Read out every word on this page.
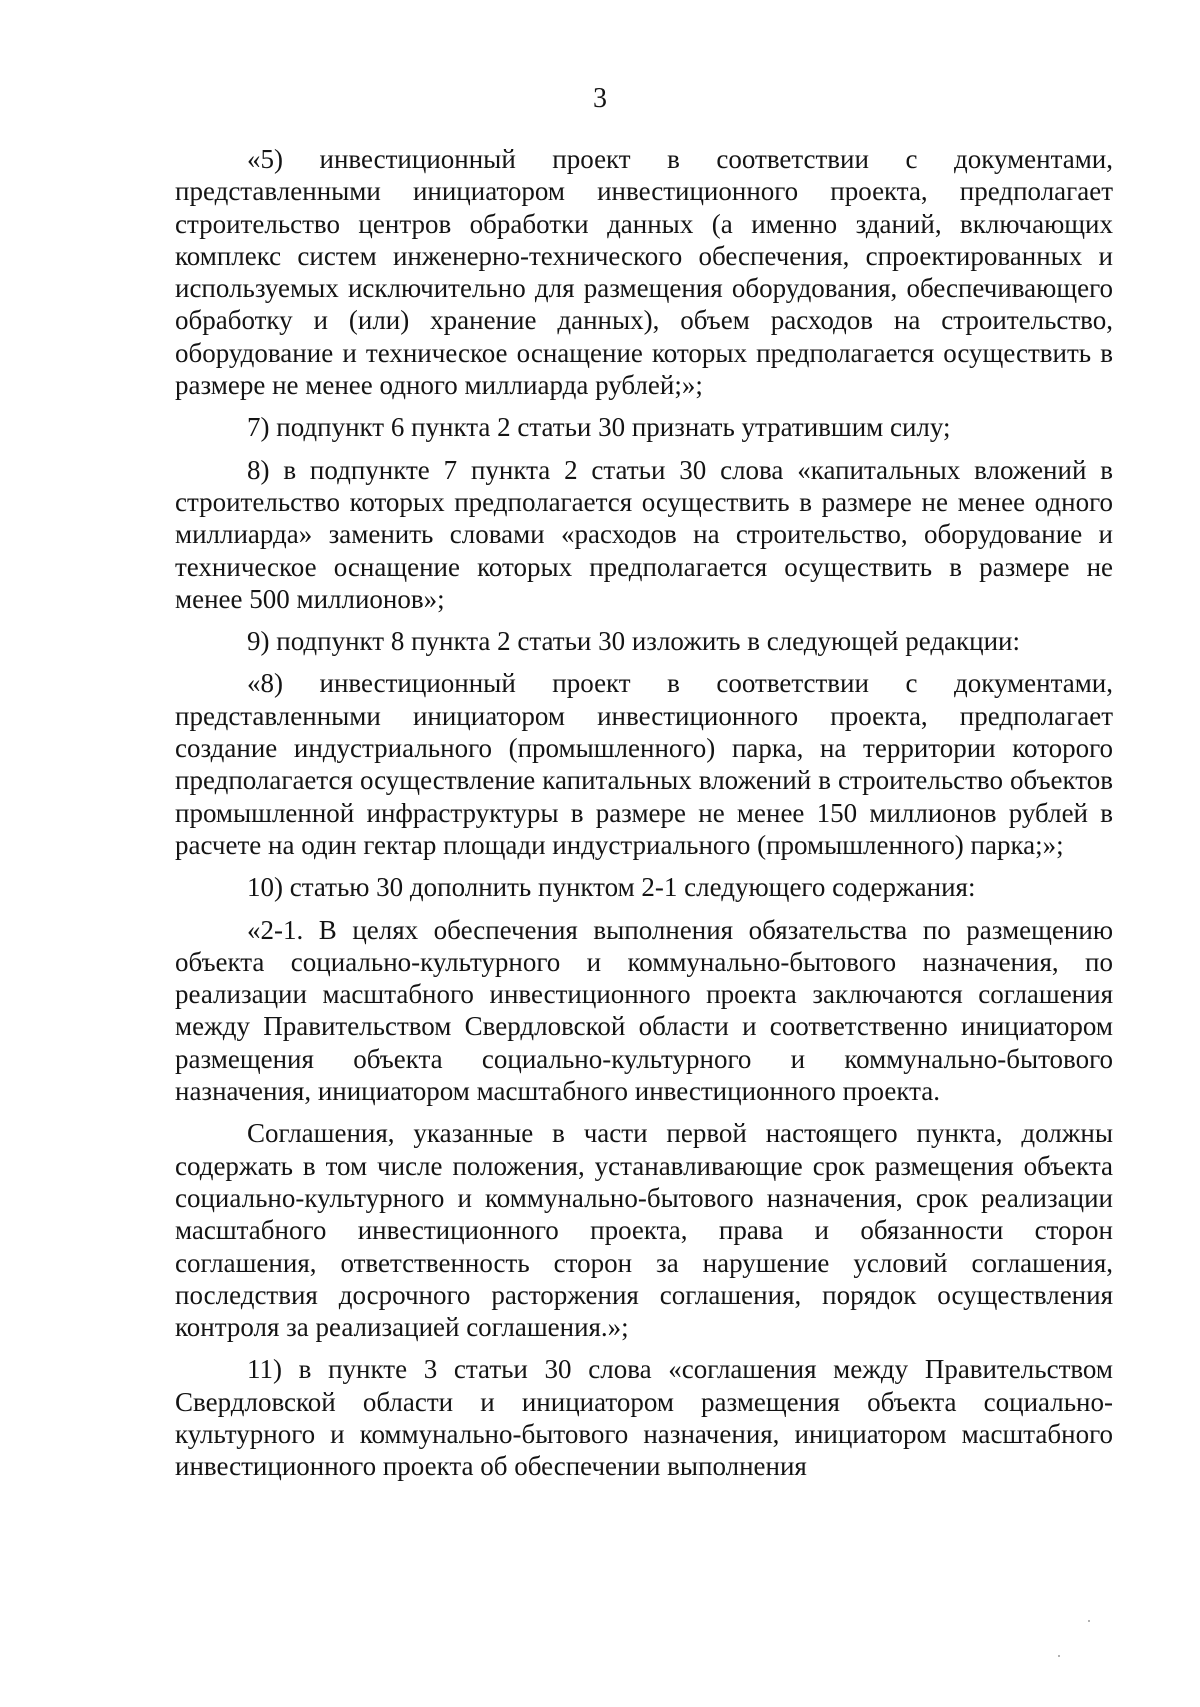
3

«5) инвестиционный проект в соответствии с документами, представленными инициатором инвестиционного проекта, предполагает строительство центров обработки данных (а именно зданий, включающих комплекс систем инженерно-технического обеспечения, спроектированных и используемых исключительно для размещения оборудования, обеспечивающего обработку и (или) хранение данных), объем расходов на строительство, оборудование и техническое оснащение которых предполагается осуществить в размере не менее одного миллиарда рублей;»;

7) подпункт 6 пункта 2 статьи 30 признать утратившим силу;

8) в подпункте 7 пункта 2 статьи 30 слова «капитальных вложений в строительство которых предполагается осуществить в размере не менее одного миллиарда» заменить словами «расходов на строительство, оборудование и техническое оснащение которых предполагается осуществить в размере не менее 500 миллионов»;

9) подпункт 8 пункта 2 статьи 30 изложить в следующей редакции:

«8) инвестиционный проект в соответствии с документами, представленными инициатором инвестиционного проекта, предполагает создание индустриального (промышленного) парка, на территории которого предполагается осуществление капитальных вложений в строительство объектов промышленной инфраструктуры в размере не менее 150 миллионов рублей в расчете на один гектар площади индустриального (промышленного) парка;»;

10) статью 30 дополнить пунктом 2-1 следующего содержания:

«2-1. В целях обеспечения выполнения обязательства по размещению объекта социально-культурного и коммунально-бытового назначения, по реализации масштабного инвестиционного проекта заключаются соглашения между Правительством Свердловской области и соответственно инициатором размещения объекта социально-культурного и коммунально-бытового назначения, инициатором масштабного инвестиционного проекта.

Соглашения, указанные в части первой настоящего пункта, должны содержать в том числе положения, устанавливающие срок размещения объекта социально-культурного и коммунально-бытового назначения, срок реализации масштабного инвестиционного проекта, права и обязанности сторон соглашения, ответственность сторон за нарушение условий соглашения, последствия досрочного расторжения соглашения, порядок осуществления контроля за реализацией соглашения.»;

11) в пункте 3 статьи 30 слова «соглашения между Правительством Свердловской области и инициатором размещения объекта социально-культурного и коммунально-бытового назначения, инициатором масштабного инвестиционного проекта об обеспечении выполнения
